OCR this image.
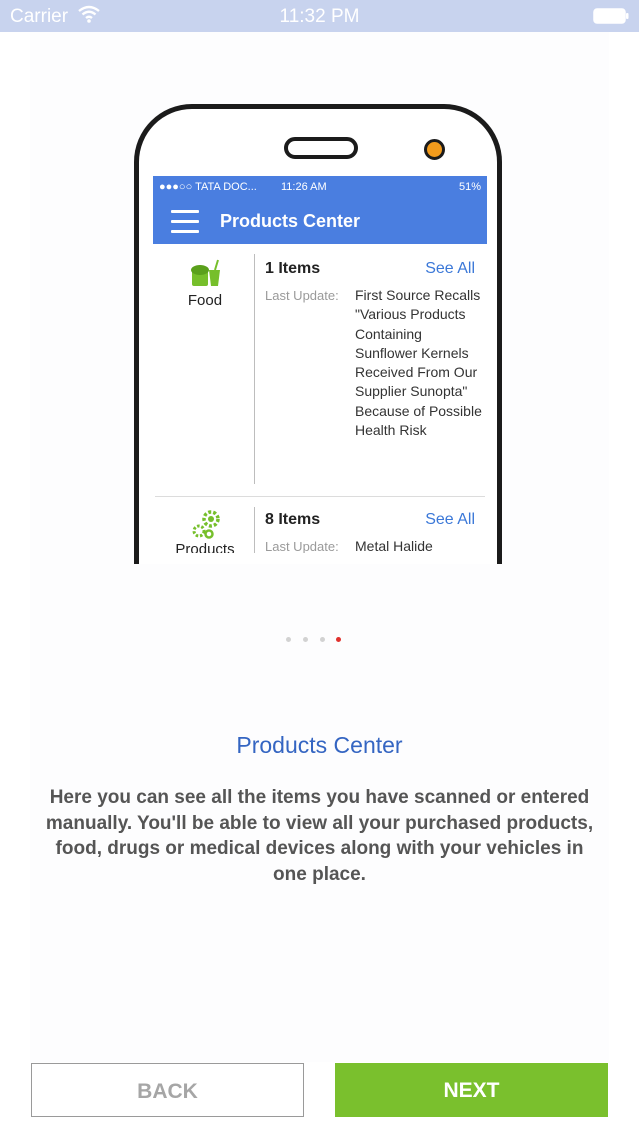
Carrier	11:32 PM
●●●○○ TATA DOC... 11:26 AM	51%
Products Center
Food
1 Items	See All
Last Update: First Source Recalls "Various Products Containing Sunflower Kernels Received From Our Supplier Sunopta" Because of Possible Health Risk
Products
8 Items	See All
Last Update: Metal Halide
Products Center
Here you can see all the items you have scanned or entered manually. You'll be able to view all your purchased products, food, drugs or medical devices along with your vehicles in one place.
BACK	NEXT
